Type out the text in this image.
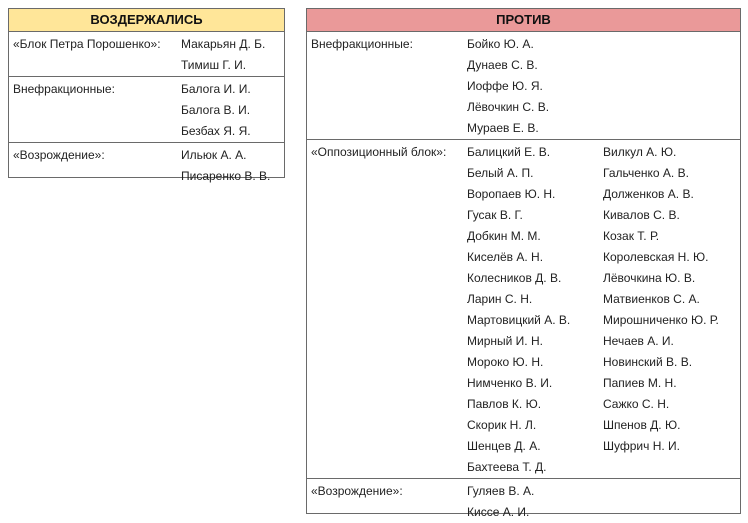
ВОЗДЕРЖАЛИСЬ
«Блок Петра Порошенко»: Макарьян Д. Б.
Тимиш Г. И.
Внефракционные:	Балога И. И.
Балога В. И.
Безбах Я. Я.
«Возрождение»:	Ильюк А. А.
Писаренко В. В.
ПРОТИВ
Внефракционные:	Бойко Ю. А.
Дунаев С. В.
Иоффе Ю. Я.
Лёвочкин С. В.
Мураев Е. В.
«Оппозиционный блок»: Балицкий Е. В.	Вилкул А. Ю.
Белый А. П.	Гальченко А. В.
Воропаев Ю. Н.	Долженков А. В.
Гусак В. Г.	Кивалов С. В.
Добкин М. М.	Козак Т. Р.
Киселёв А. Н.	Королевская Н. Ю.
Колесников Д. В.	Лёвочкина Ю. В.
Ларин С. Н.	Матвиенков С. А.
Мартовицкий А. В.	Мирошниченко Ю. Р.
Мирный И. Н.	Нечаев А. И.
Мороко Ю. Н.	Новинский В. В.
Нимченко В. И.	Папиев М. Н.
Павлов К. Ю.	Сажко С. Н.
Скорик Н. Л.	Шпенов Д. Ю.
Шенцев Д. А.	Шуфрич Н. И.
Бахтеева Т. Д.
«Возрождение»:	Гуляев В. А.
Киссе А. И.
